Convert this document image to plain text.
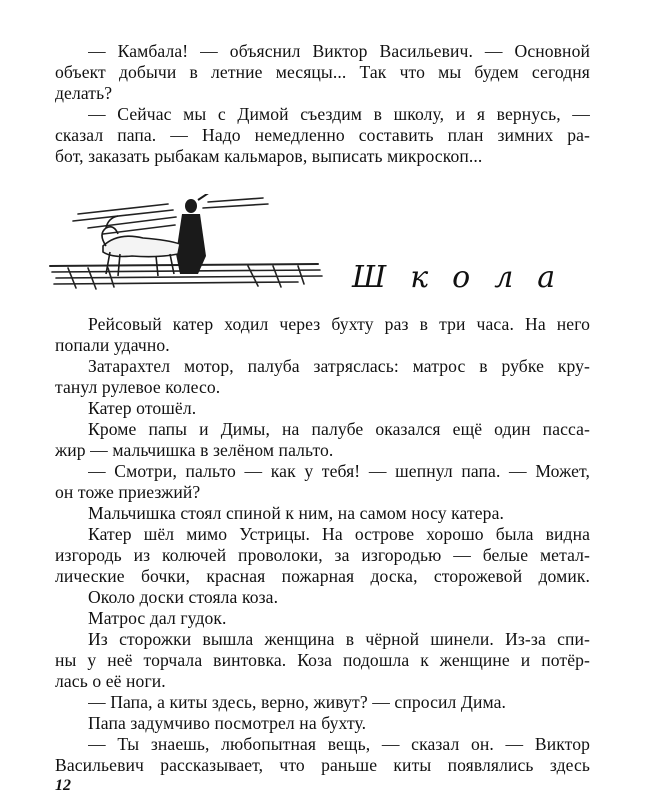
— Камбала! — объяснил Виктор Васильевич. — Основной
объект добычи в летние месяцы... Так что мы будем сегодня
делать?
— Сейчас мы с Димой съездим в школу, и я вернусь, —
сказал папа. — Надо немедленно составить план зимних ра-
бот, заказать рыбакам кальмаров, выписать микроскоп...
Школа
Рейсовый катер ходил через бухту раз в три часа. На него
попали удачно.
Затарахтел мотор, палуба затряслась: матрос в рубке кру-
танул рулевое колесо.
Катер отошёл.
Кроме папы и Димы, на палубе оказался ещё один пасса-
жир — мальчишка в зелёном пальто.
— Смотри, пальто — как у тебя! — шепнул папа. — Может,
он тоже приезжий?
Мальчишка стоял спиной к ним, на самом носу катера.
Катер шёл мимо Устрицы. На острове хорошо была видна
изгородь из колючей проволоки, за изгородью — белые метал-
лические бочки, красная пожарная доска, сторожевой домик.
Около доски стояла коза.
Матрос дал гудок.
Из сторожки вышла женщина в чёрной шинели. Из-за спи-
ны у неё торчала винтовка. Коза подошла к женщине и потёр-
лась о её ноги.
— Папа, а киты здесь, верно, живут? — спросил Дима.
Папа задумчиво посмотрел на бухту.
— Ты знаешь, любопытная вещь, — сказал он. — Виктор
Васильевич рассказывает, что раньше киты появлялись здесь
12
